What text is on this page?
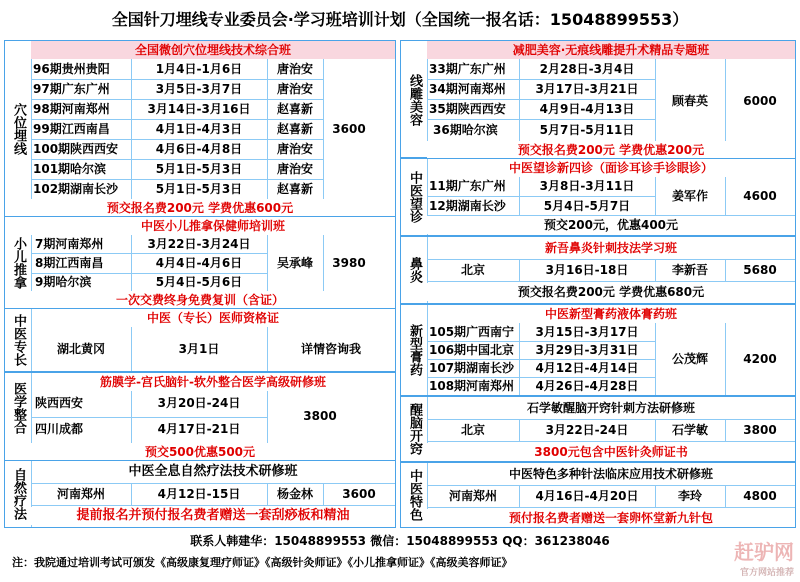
全国针刀埋线专业委员会·学习班培训计划（全国统一报名话：15048899553）
穴位埋线
全国微创穴位埋线技术综合班
96期贵州贵阳	1月4日-1月6日	唐治安
97期广东广州	3月5日-3月7日	唐治安
98期河南郑州	3月14日-3月16日	赵喜新
99期江西南昌	4月1日-4月3日	赵喜新
100期陕西西安	4月6日-4月8日	唐治安
101期哈尔滨	5月1日-5月3日	唐治安
102期湖南长沙	5月1日-5月3日	赵喜新
3600
预交报名费200元 学费优惠600元
小儿推拿
中医小儿推拿保健师培训班
7期河南郑州	3月22日-3月24日
8期江西南昌	4月4日-4月6日
9期哈尔滨	5月4日-5月6日
吴承峰	3980
一次交费终身免费复训（含证）
中医专长	中医（专长）医师资格证
湖北黄冈	3月1日	详情咨询我
医学整合	筋膜学-宫氏脑针-软外整合医学高级研修班
陕西西安	3月20日-24日
四川成都	4月17日-21日
3800
预交500优惠500元
自然疗法	中医全息自然疗法技术研修班
河南郑州	4月12日-15日	杨金林	3600
提前报名并预付报名费者赠送一套刮痧板和精油
线雕美容
减肥美容·无痕线雕提升术精品专题班
33期广东广州	2月28日-3月4日
34期河南郑州	3月17日-3月21日
35期陕西西安	4月9日-4月13日
36期哈尔滨	5月7日-5月11日
顾春英	6000
预交报名费200元 学费优惠200元
中医望诊
中医望诊新四诊（面诊耳诊手诊眼诊）
11期广东广州	3月8日-3月11日
12期湖南长沙	5月4日-5月7日
姜军作	4600
预交200元，优惠400元
鼻炎
新吾鼻炎针刺技法学习班
北京	3月16日-18日	李新吾	5680
预交报名费200元 学费优惠680元
新型膏药
中医新型膏药液体膏药班
105期广西南宁	3月15日-3月17日
106期中国北京	3月29日-3月31日
107期湖南长沙	4月12日-4月14日
108期河南郑州	4月26日-4月28日
公茂辉	4200
醒脑开窍	石学敏醒脑开窍针刺方法研修班
北京	3月22日-24日	石学敏	3800
3800元包含中医针灸师证书
中医特色	中医特色多种针法临床应用技术研修班
河南郑州	4月16日-4月20日	李玲	4800
预付报名费者赠送一套卵怀堂新九针包
联系人韩建华：15048899553 微信：15048899553 QQ：361238046
注：我院通过培训考试可颁发《高级康复理疗师证》《高级针灸师证》《小儿推拿师证》《高级美容师证》	赶驴网
官方网站推荐
